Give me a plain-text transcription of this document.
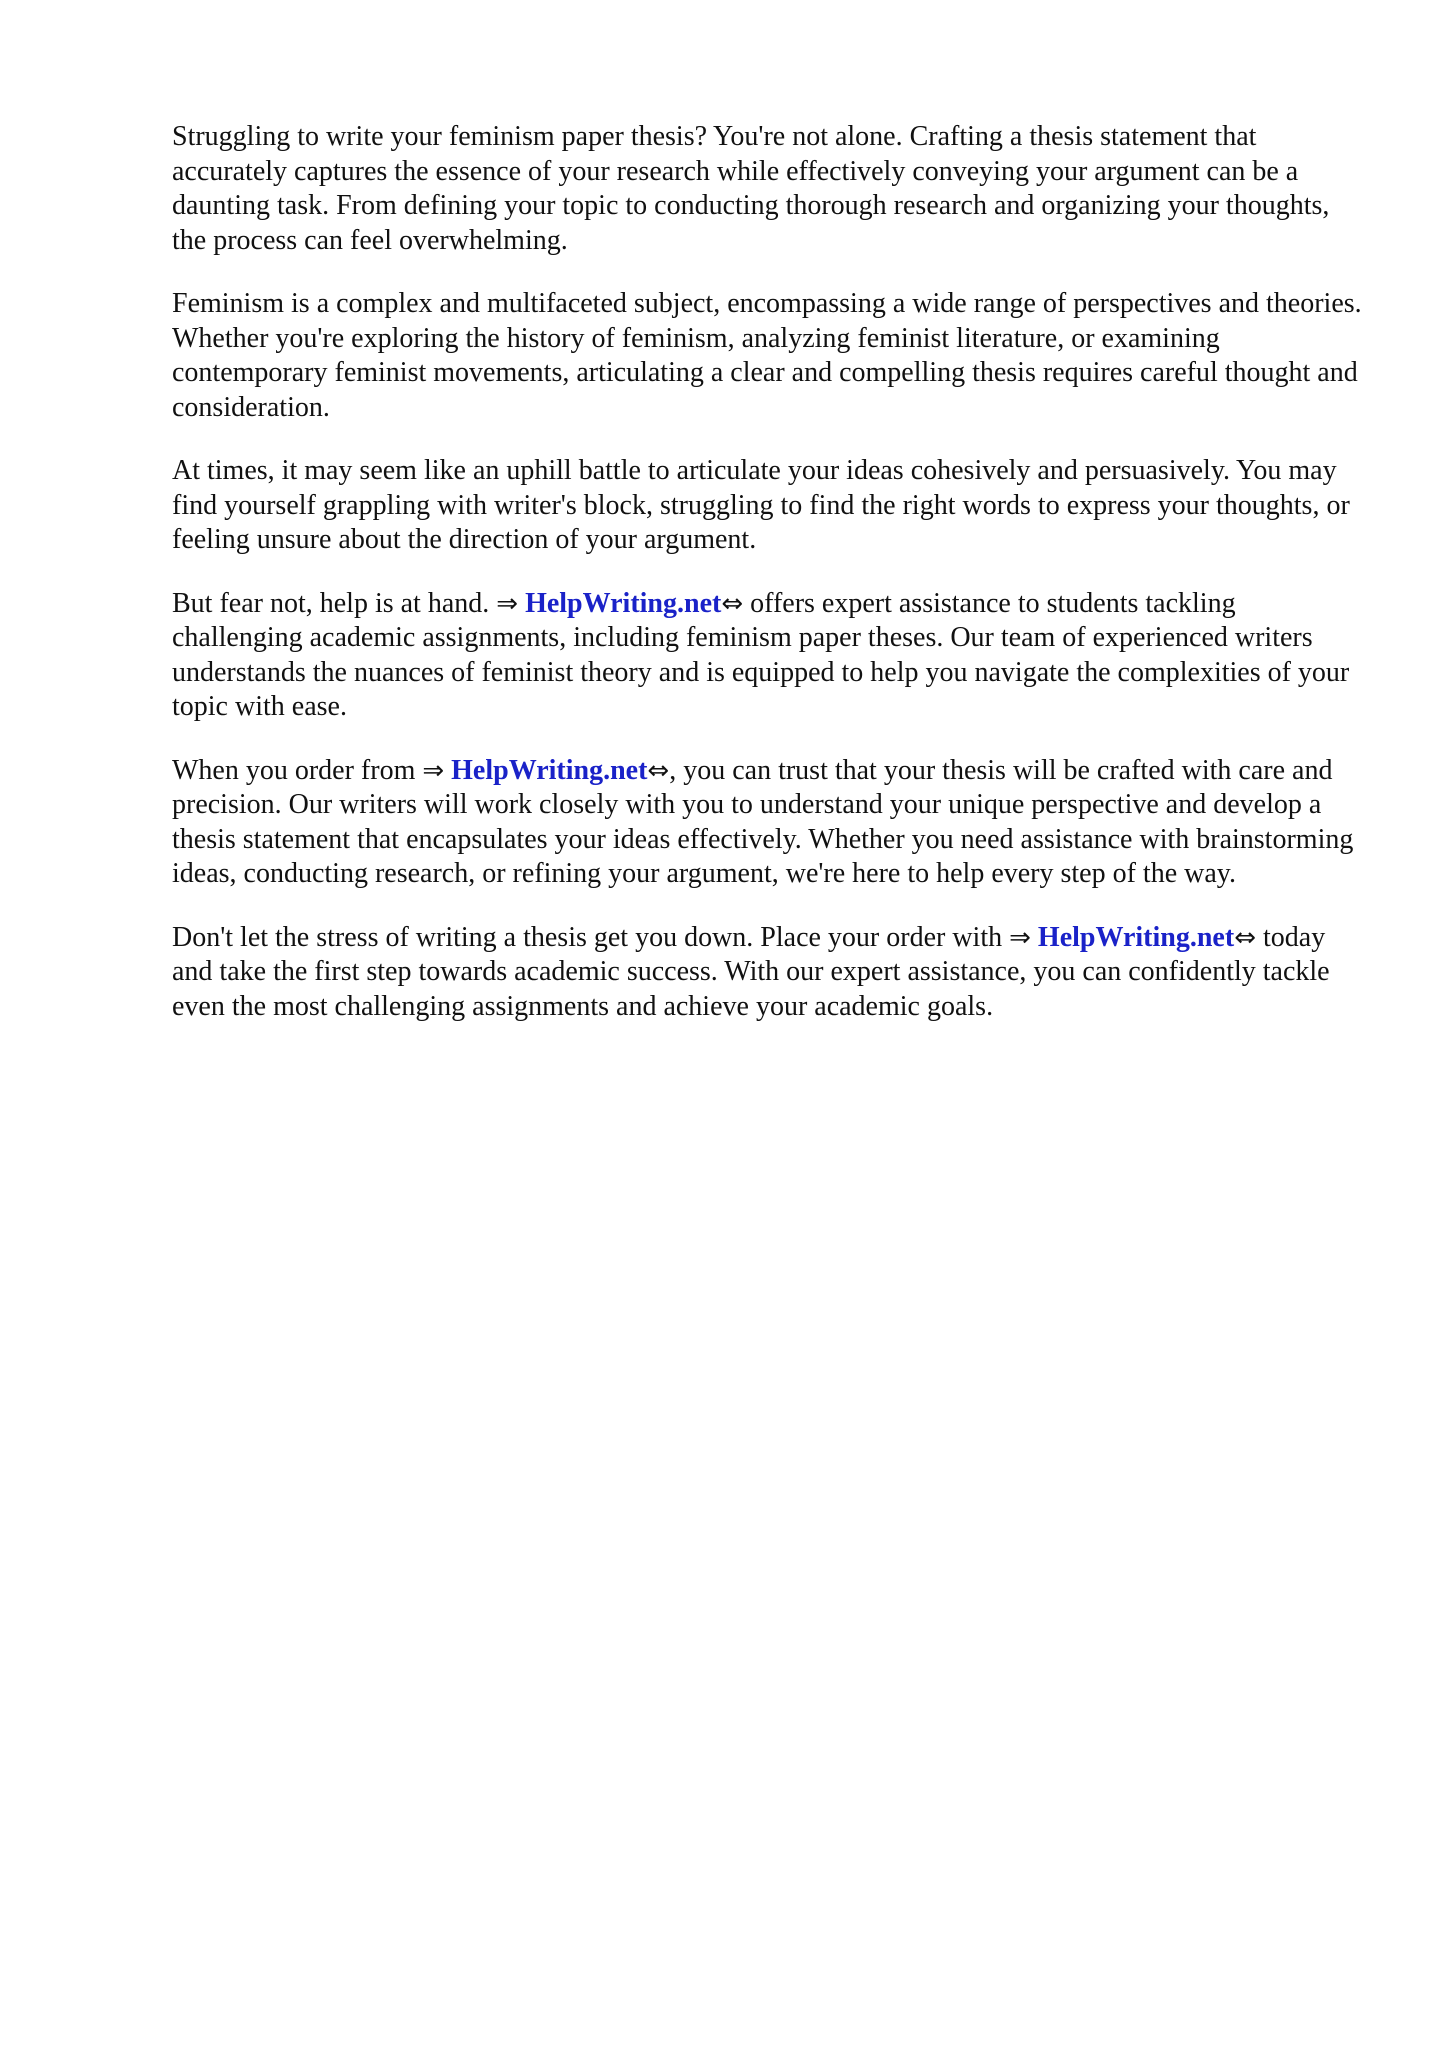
Struggling to write your feminism paper thesis? You're not alone. Crafting a thesis statement that accurately captures the essence of your research while effectively conveying your argument can be a daunting task. From defining your topic to conducting thorough research and organizing your thoughts, the process can feel overwhelming.

Feminism is a complex and multifaceted subject, encompassing a wide range of perspectives and theories. Whether you're exploring the history of feminism, analyzing feminist literature, or examining contemporary feminist movements, articulating a clear and compelling thesis requires careful thought and consideration.

At times, it may seem like an uphill battle to articulate your ideas cohesively and persuasively. You may find yourself grappling with writer's block, struggling to find the right words to express your thoughts, or feeling unsure about the direction of your argument.

But fear not, help is at hand. ⇒ HelpWriting.net⇔ offers expert assistance to students tackling challenging academic assignments, including feminism paper theses. Our team of experienced writers understands the nuances of feminist theory and is equipped to help you navigate the complexities of your topic with ease.

When you order from ⇒ HelpWriting.net⇔, you can trust that your thesis will be crafted with care and precision. Our writers will work closely with you to understand your unique perspective and develop a thesis statement that encapsulates your ideas effectively. Whether you need assistance with brainstorming ideas, conducting research, or refining your argument, we're here to help every step of the way.

Don't let the stress of writing a thesis get you down. Place your order with ⇒ HelpWriting.net⇔ today and take the first step towards academic success. With our expert assistance, you can confidently tackle even the most challenging assignments and achieve your academic goals.
